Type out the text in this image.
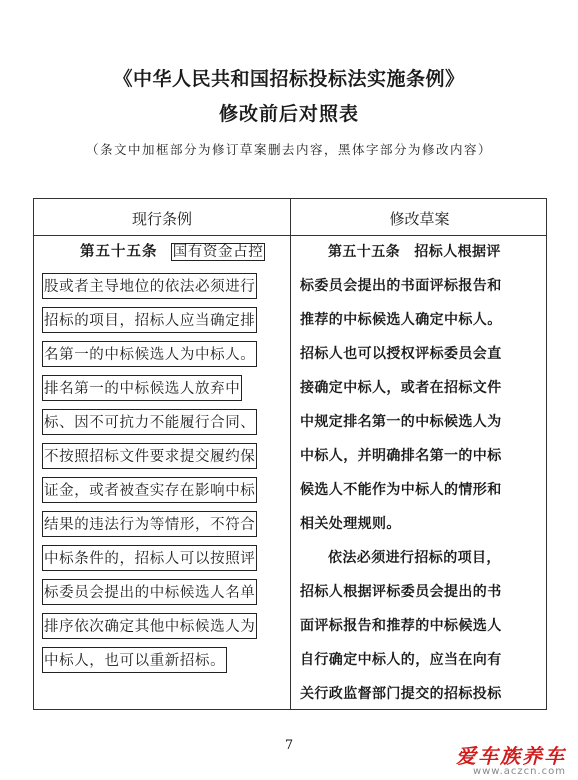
《中华人民共和国招标投标法实施条例》
修改前后对照表
（条文中加框部分为修订草案删去内容，黑体字部分为修改内容）
现行条例	修改草案
第五十五条 国有资金占控
股或者主导地位的依法必须进行
招标的项目，招标人应当确定排
名第一的中标候选人为中标人。
排名第一的中标候选人放弃中
标、因不可抗力不能履行合同、
不按照招标文件要求提交履约保
证金，或者被查实存在影响中标
结果的违法行为等情形，不符合
中标条件的，招标人可以按照评
标委员会提出的中标候选人名单
排序依次确定其他中标候选人为
中标人，也可以重新招标。
第五十五条　招标人根据评
标委员会提出的书面评标报告和
推荐的中标候选人确定中标人。
招标人也可以授权评标委员会直
接确定中标人，或者在招标文件
中规定排名第一的中标候选人为
中标人，并明确排名第一的中标
候选人不能作为中标人的情形和
相关处理规则。
依法必须进行招标的项目，
招标人根据评标委员会提出的书
面评标报告和推荐的中标候选人
自行确定中标人的，应当在向有
关行政监督部门提交的招标投标
7	爱车族养车
www.aczcn.com
